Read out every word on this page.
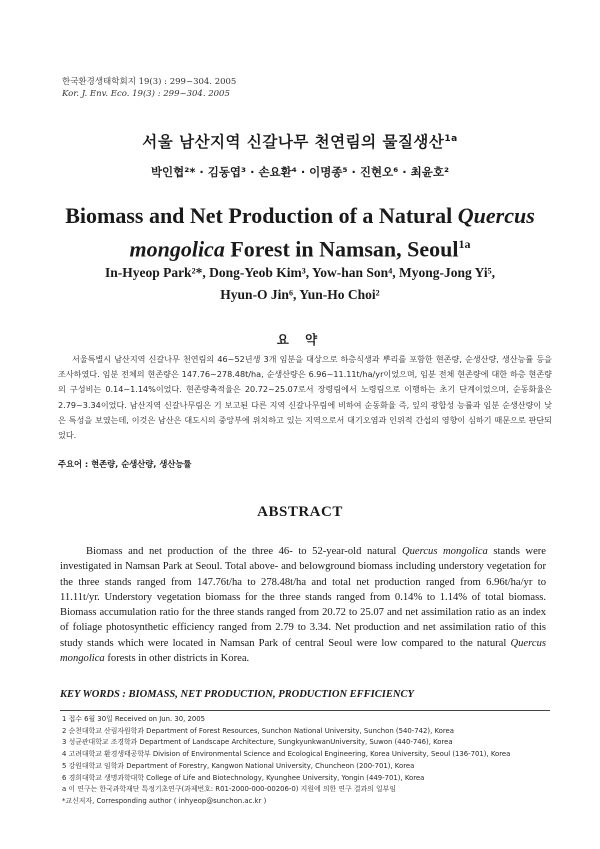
한국환경생태학회지 19(3) : 299~304. 2005
Kor. J. Env. Eco. 19(3) : 299~304. 2005
서울 남산지역 신갈나무 천연림의 물질생산$^{1a}$
박인협²* · 김동엽³ · 손요환⁴ · 이명종⁵ · 진현오⁶ · 최윤호²
Biomass and Net Production of a Natural Quercus
mongolica Forest in Namsan, Seoul$^{1a}$
In-Hyeop Park²*, Dong-Yeob Kim³, Yow-han Son⁴, Myong-Jong Yi⁵,
Hyun-O Jin⁶, Yun-Ho Choi²
요 약
서울특별시 남산지역 신갈나무 천연림의 46~52년생 3개 임분을 대상으로 하층식생과 뿌리를 포함한 현존량, 순생산량, 생산능률 등을 조사하였다. 임분 전체의 현존량은 147.76~278.48t/ha, 순생산량은 6.96~11.11t/ha/yr이었으며, 임분 전체 현존량에 대한 하층 현존량의 구성비는 0.14~1.14%이었다. 현존량축적율은 20.72~25.07로서 장령림에서 노령림으로 이행하는 초기 단계이었으며, 순동화율은 2.79~3.34이었다. 남산지역 신갈나무림은 기 보고된 다른 지역 신갈나무림에 비하여 순동화율 즉, 잎의 광합성 능률과 임분 순생산량이 낮은 특성을 보였는데, 이것은 남산은 대도시의 중앙부에 위치하고 있는 지역으로서 대기오염과 인위적 간섭의 영향이 심하기 때문으로 판단되었다.
주요어 : 현존량, 순생산량, 생산능률
ABSTRACT
Biomass and net production of the three 46- to 52-year-old natural Quercus mongolica stands were investigated in Namsan Park at Seoul. Total above- and belowground biomass including understory vegetation for the three stands ranged from 147.76t/ha to 278.48t/ha and total net production ranged from 6.96t/ha/yr to 11.11t/yr. Understory vegetation biomass for the three stands ranged from 0.14% to 1.14% of total biomass. Biomass accumulation ratio for the three stands ranged from 20.72 to 25.07 and net assimilation ratio as an index of foliage photosynthetic efficiency ranged from 2.79 to 3.34. Net production and net assimilation ratio of this study stands which were located in Namsan Park of central Seoul were low compared to the natural Quercus mongolica forests in other districts in Korea.
KEY WORDS : BIOMASS, NET PRODUCTION, PRODUCTION EFFICIENCY
1 접수 6월 30일 Received on Jun. 30, 2005
2 순천대학교 산림자원학과 Department of Forest Resources, Sunchon National University, Sunchon (540-742), Korea
3 성균관대학교 조경학과 Department of Landscape Architecture, SungkyunkwanUniversity, Suwon (440-746), Korea
4 고려대학교 환경생태공학부 Division of Environmental Science and Ecological Engineering, Korea University, Seoul (136-701), Korea
5 강원대학교 임학과 Department of Forestry, Kangwon National University, Chuncheon (200-701), Korea
6 경희대학교 생명과학대학 College of Life and Biotechnology, Kyunghee University, Yongin (449-701), Korea
a 이 연구는 한국과학재단 특정기초연구(과제번호: R01-2000-000-00206-0) 지원에 의한 연구 결과의 일부임
*교신저자, Corresponding author ( inhyeop@sunchon.ac.kr )
